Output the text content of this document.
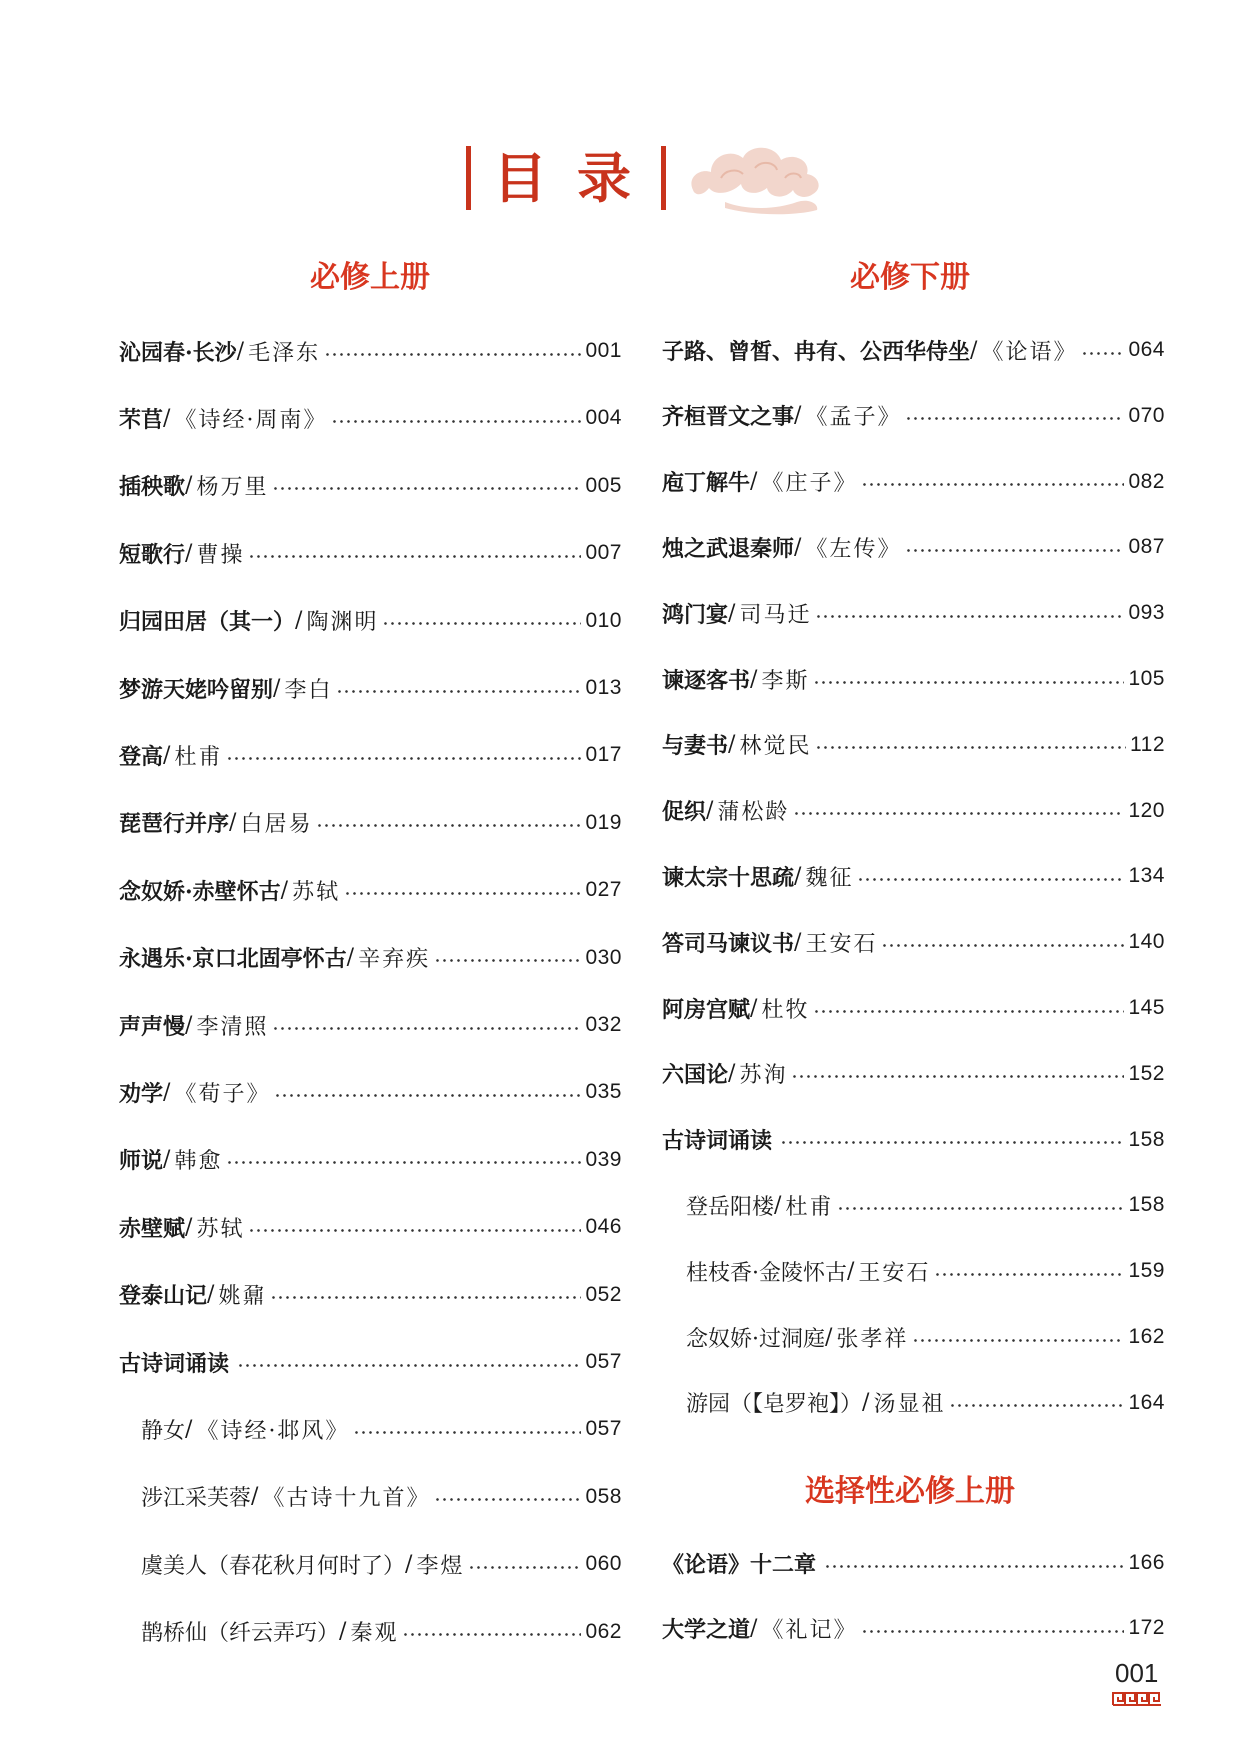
目 录
必修上册	必修下册
选择性必修上册
沁园春·长沙 / 毛泽东	001
芣苢 / 《诗经·周南》	004
插秧歌 / 杨万里	005
短歌行 / 曹操	007
归园田居（其一） / 陶渊明	010
梦游天姥吟留别 / 李白	013
登高 / 杜甫	017
琵琶行并序 / 白居易	019
念奴娇·赤壁怀古 / 苏轼	027
永遇乐·京口北固亭怀古 / 辛弃疾	030
声声慢 / 李清照	032
劝学 / 《荀子》	035
师说 / 韩愈	039
赤壁赋 / 苏轼	046
登泰山记 / 姚鼐	052
古诗词诵读	057
静女 / 《诗经·邶风》	057
涉江采芙蓉 / 《古诗十九首》	058
虞美人（春花秋月何时了） / 李煜	060
鹊桥仙（纤云弄巧） / 秦观	062
子路、曾皙、冉有、公西华侍坐 / 《论语》 064
齐桓晋文之事 / 《孟子》	070
庖丁解牛 / 《庄子》	082
烛之武退秦师 / 《左传》	087
鸿门宴 / 司马迁	093
谏逐客书 / 李斯	105
与妻书 / 林觉民	112
促织 / 蒲松龄	120
谏太宗十思疏 / 魏征	134
答司马谏议书 / 王安石	140
阿房宫赋 / 杜牧	145
六国论 / 苏洵	152
古诗词诵读	158
登岳阳楼 / 杜甫	158
桂枝香·金陵怀古 / 王安石	159
念奴娇·过洞庭 / 张孝祥	162
游园（【皂罗袍】） / 汤显祖	164
《论语》十二章	166
大学之道 / 《礼记》	172
001
